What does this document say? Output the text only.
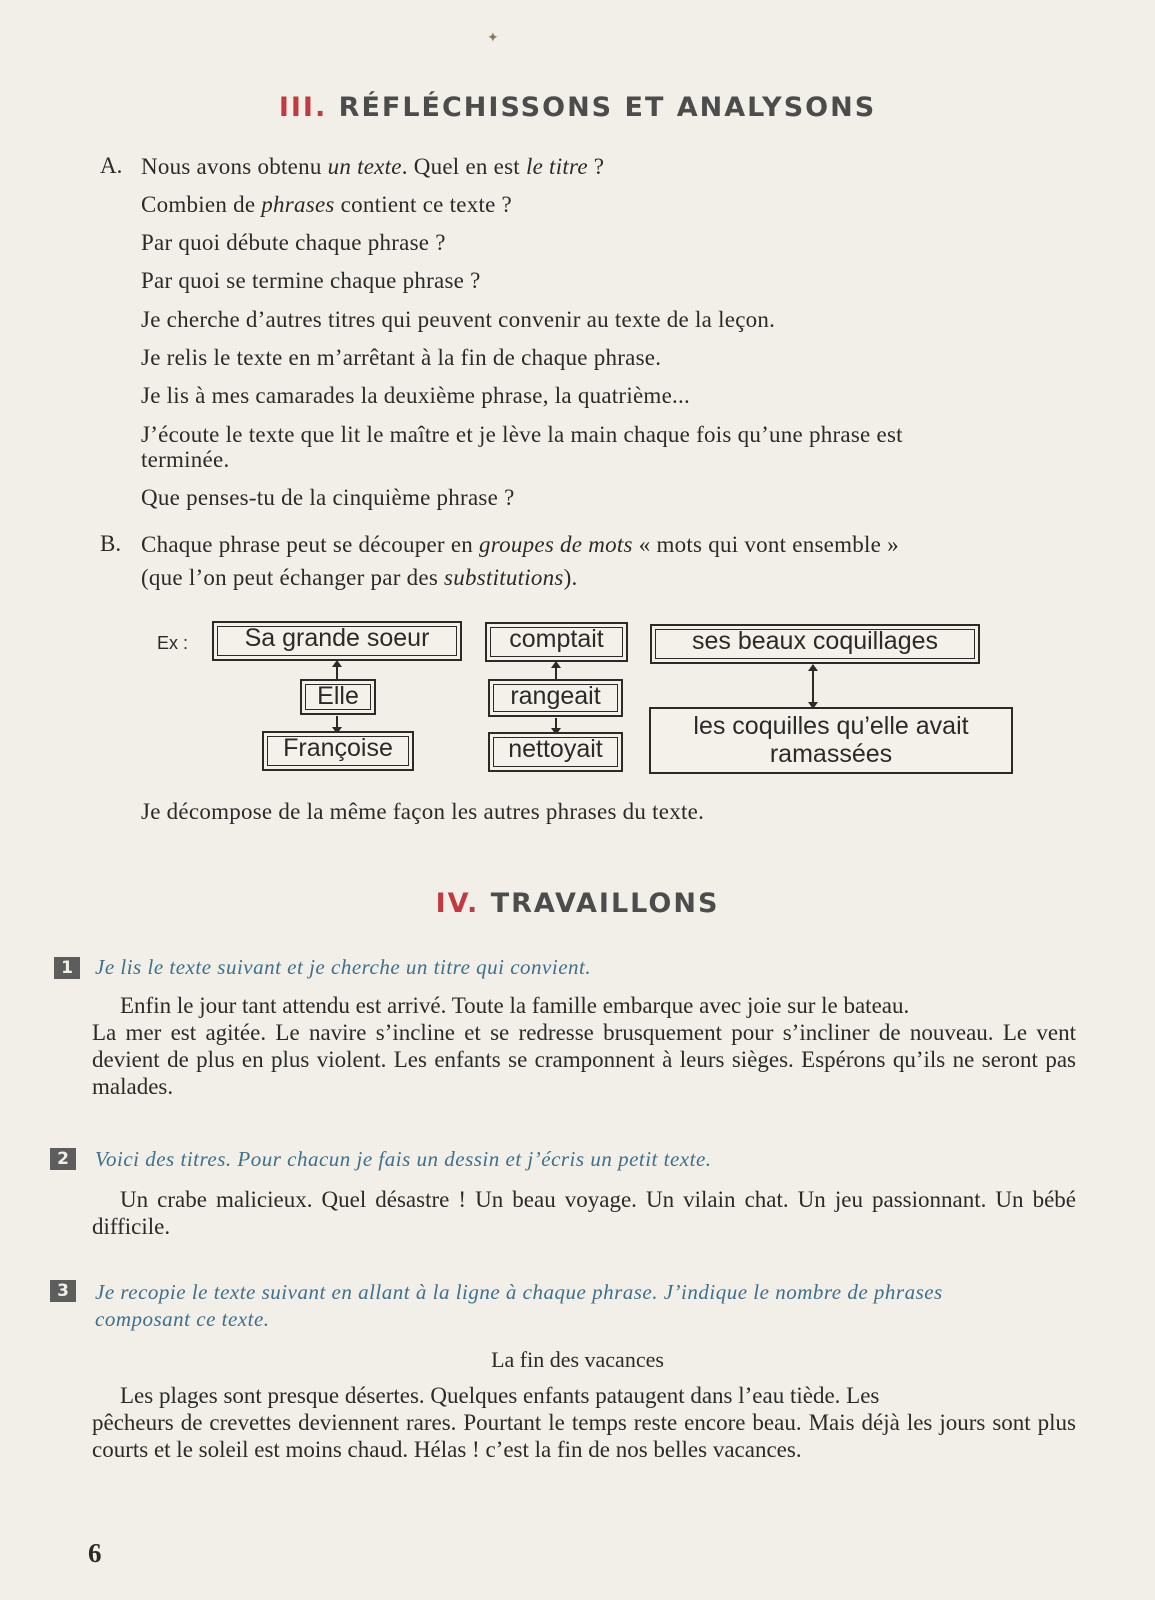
✦
III. RÉFLÉCHISSONS ET ANALYSONS
A. Nous avons obtenu un texte. Quel en est le titre ?
Combien de phrases contient ce texte ?
Par quoi débute chaque phrase ?
Par quoi se termine chaque phrase ?
Je cherche d’autres titres qui peuvent convenir au texte de la leçon.
Je relis le texte en m’arrêtant à la fin de chaque phrase.
Je lis à mes camarades la deuxième phrase, la quatrième...
J’écoute le texte que lit le maître et je lève la main chaque fois qu’une phrase est
terminée.
Que penses-tu de la cinquième phrase ?
B. Chaque phrase peut se découper en groupes de mots « mots qui vont ensemble »
(que l’on peut échanger par des substitutions).
Ex :	Sa grande soeur
Elle
Françoise
comptait
rangeait
nettoyait
ses beaux coquillages
les coquilles qu’elle avait
ramassées
Je décompose de la même façon les autres phrases du texte.
IV. TRAVAILLONS
1	Je lis le texte suivant et je cherche un titre qui convient.
Enfin le jour tant attendu est arrivé. Toute la famille embarque avec joie sur le bateau.
La mer est agitée. Le navire s’incline et se redresse brusquement pour s’incliner de nouveau. Le vent devient de plus en plus violent. Les enfants se cramponnent à leurs sièges. Espérons qu’ils ne seront pas malades.
2	Voici des titres. Pour chacun je fais un dessin et j’écris un petit texte.
Un crabe malicieux. Quel désastre ! Un beau voyage. Un vilain chat. Un jeu passionnant. Un bébé difficile.
3	Je recopie le texte suivant en allant à la ligne à chaque phrase. J’indique le nombre de phrases
composant ce texte.
La fin des vacances
Les plages sont presque désertes. Quelques enfants pataugent dans l’eau tiède. Les
pêcheurs de crevettes deviennent rares. Pourtant le temps reste encore beau. Mais déjà les jours sont plus courts et le soleil est moins chaud. Hélas ! c’est la fin de nos belles vacances.
6
